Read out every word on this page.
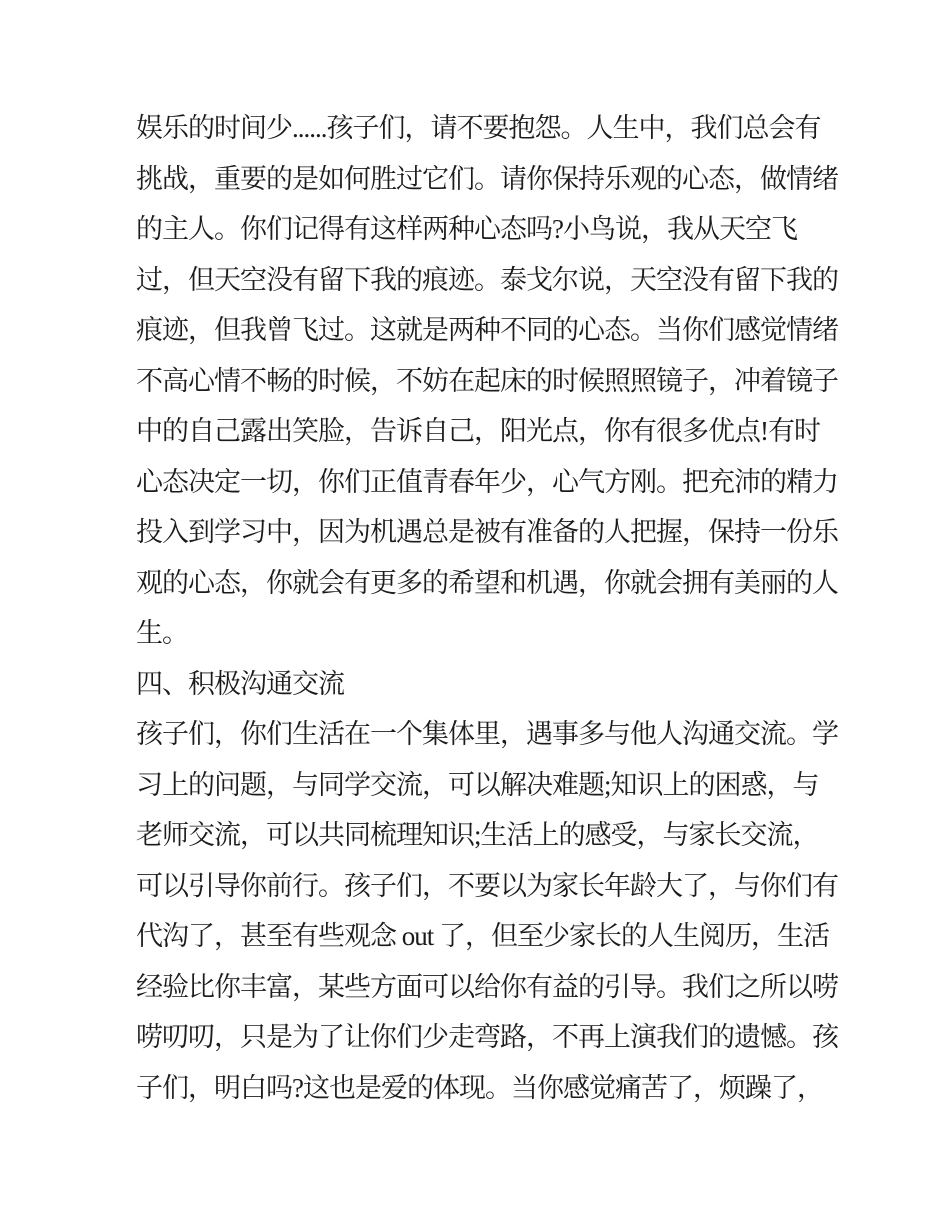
娱乐的时间少......孩子们，请不要抱怨。人生中，我们总会有
挑战，重要的是如何胜过它们。请你保持乐观的心态，做情绪
的主人。你们记得有这样两种心态吗?小鸟说，我从天空飞
过，但天空没有留下我的痕迹。泰戈尔说，天空没有留下我的
痕迹，但我曾飞过。这就是两种不同的心态。当你们感觉情绪
不高心情不畅的时候，不妨在起床的时候照照镜子，冲着镜子
中的自己露出笑脸，告诉自己，阳光点，你有很多优点!有时
心态决定一切，你们正值青春年少，心气方刚。把充沛的精力
投入到学习中，因为机遇总是被有准备的人把握，保持一份乐
观的心态，你就会有更多的希望和机遇，你就会拥有美丽的人
生。
四、积极沟通交流
孩子们，你们生活在一个集体里，遇事多与他人沟通交流。学
习上的问题，与同学交流，可以解决难题;知识上的困惑，与
老师交流，可以共同梳理知识;生活上的感受，与家长交流，
可以引导你前行。孩子们，不要以为家长年龄大了，与你们有
代沟了，甚至有些观念 out 了，但至少家长的人生阅历，生活
经验比你丰富，某些方面可以给你有益的引导。我们之所以唠
唠叨叨，只是为了让你们少走弯路，不再上演我们的遗憾。孩
子们，明白吗?这也是爱的体现。当你感觉痛苦了，烦躁了，
